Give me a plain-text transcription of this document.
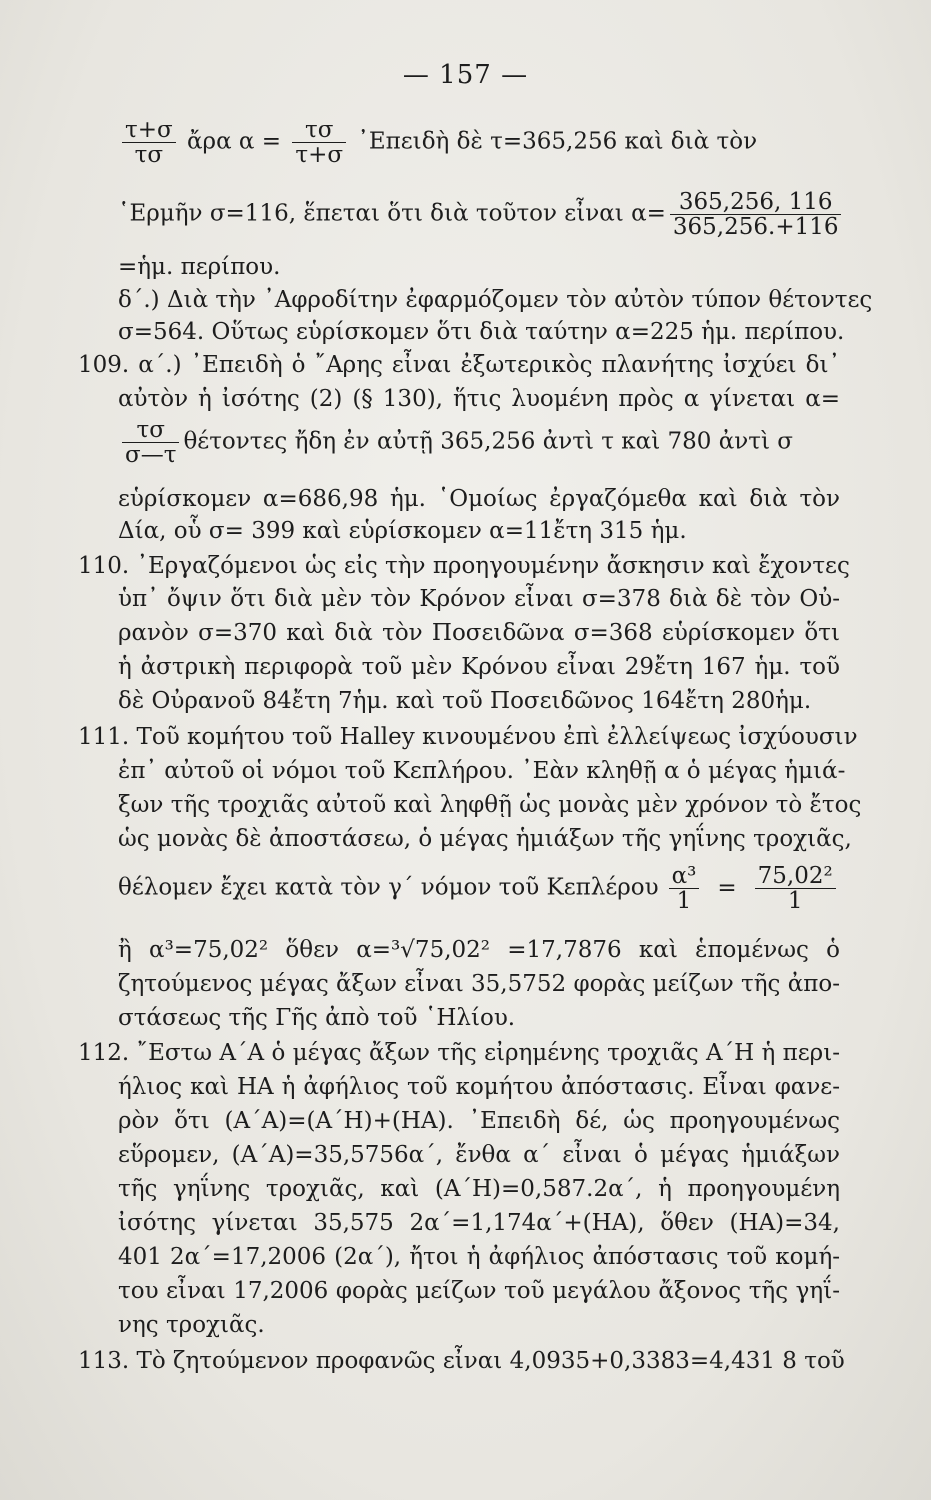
— 157 —
$\frac{\tau+\sigma}{\tau\sigma}$ ἄρα $\alpha = \frac{\tau\sigma}{\tau+\sigma}$ ᾿Επειδὴ δὲ τ=365,256 καὶ διὰ τὸν
῾Ερμῆν σ=116, ἕπεται ὅτι διὰ τοῦτον εἶναι $\alpha= \frac{365,256, 116}{365,256.+116}$
=ἡμ. περίπου.
δ´.) Διὰ τὴν ᾿Αφροδίτην ἐφαρμόζομεν τὸν αὐτὸν τύπον θέτοντες
σ=564. Οὕτως εὑρίσκομεν ὅτι διὰ ταύτην α=225 ἡμ. περίπου.
109. α´.) ᾿Επειδὴ ὁ ῎Αρης εἶναι ἐξωτερικὸς πλανήτης ἰσχύει δι᾿
αὐτὸν ἡ ἰσότης (2) (§ 130), ἥτις λυομένη πρὸς α γίνεται α=
$\frac{\tau\sigma}{\sigma—\tau}$ θέτοντες ἤδη ἐν αὐτῇ 365,256 ἀντὶ τ καὶ 780 ἀντὶ σ
εὑρίσκομεν α=686,98 ἡμ. ῾Ομοίως ἐργαζόμεθα καὶ διὰ τὸν
Δία, οὗ σ= 399 καὶ εὑρίσκομεν α=11ἔτη 315 ἡμ.
110. ᾿Εργαζόμενοι ὡς εἰς τὴν προηγουμένην ἄσκησιν καὶ ἔχοντες
ὑπ᾿ ὄψιν ὅτι διὰ μὲν τὸν Κρόνον εἶναι σ=378 διὰ δὲ τὸν Οὐ-
ρανὸν σ=370 καὶ διὰ τὸν Ποσειδῶνα σ=368 εὑρίσκομεν ὅτι
ἡ ἀστρικὴ περιφορὰ τοῦ μὲν Κρόνου εἶναι 29ἔτη 167 ἡμ. τοῦ
δὲ Οὐρανοῦ 84ἔτη 7ἡμ. καὶ τοῦ Ποσειδῶνος 164ἔτη 280ἡμ.
111. Τοῦ κομήτου τοῦ Halley κινουμένου ἐπὶ ἐλλείψεως ἰσχύουσιν
ἐπ᾿ αὐτοῦ οἱ νόμοι τοῦ Κεπλήρου. ᾿Εὰν κληθῇ α ὁ μέγας ἡμιά-
ξων τῆς τροχιᾶς αὐτοῦ καὶ ληφθῇ ὡς μονὰς μὲν χρόνον τὸ ἔτος
ὡς μονὰς δὲ ἀποστάσεω, ὁ μέγας ἡμιάξων τῆς γηΐνης τροχιᾶς,
θέλομεν ἔχει κατὰ τὸν γ´ νόμον τοῦ Κεπλέρου $\frac{\text{α³}}{1} = \frac{\text{75,02²}}{1}$
ἢ α³=75,02² ὅθεν α=³√75,02² =17,7876 καὶ ἑπομένως ὁ
ζητούμενος μέγας ἄξων εἶναι 35,5752 φορὰς μείζων τῆς ἀπο-
στάσεως τῆς Γῆς ἀπὸ τοῦ ῾Ηλίου.
112. ῎Εστω Α´Α ὁ μέγας ἄξων τῆς εἰρημένης τροχιᾶς Α´Η ἡ περι-
ήλιος καὶ ΗΑ ἡ ἀφήλιος τοῦ κομήτου ἀπόστασις. Εἶναι φανε-
ρὸν ὅτι (Α´Α)=(Α´Η)+(ΗΑ). ᾿Επειδὴ δέ, ὡς προηγουμένως
εὕρομεν, (Α´Α)=35,5756α´, ἔνθα α´ εἶναι ὁ μέγας ἡμιάξων
τῆς γηΐνης τροχιᾶς, καὶ (Α´Η)=0,587.2α´, ἡ προηγουμένη
ἰσότης γίνεται 35,575 2α´=1,174α´+(ΗΑ), ὅθεν (ΗΑ)=34,
401 2α´=17,2006 (2α´), ἤτοι ἡ ἀφήλιος ἀπόστασις τοῦ κομή-
του εἶναι 17,2006 φορὰς μείζων τοῦ μεγάλου ἄξονος τῆς γηΐ-
νης τροχιᾶς.
113. Τὸ ζητούμενον προφανῶς εἶναι 4,0935+0,3383=4,431 8 τοῦ
